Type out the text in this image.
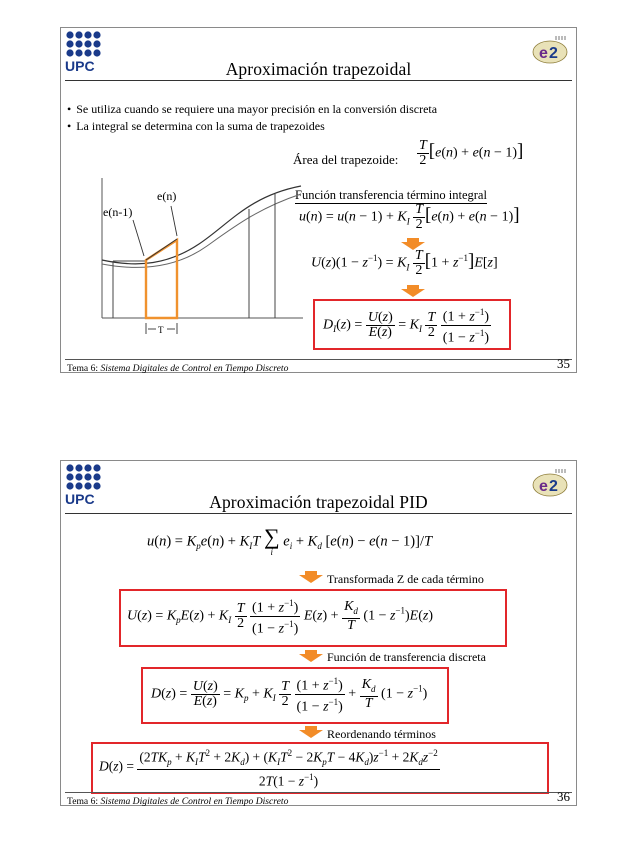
UPC
e 2
Aproximación trapezoidal
• Se utiliza cuando se requiere una mayor precisión en la conversión discreta
• La integral se determina con la suma de trapezoides
Área del trapezoide: $\frac{T}{2} [e(n) + e(n - 1)]$
Función transferencia término integral
$u(n) = u(n - 1) + K_I \frac{T}{2} [e(n) + e(n - 1)]$
$U(z)(1 - z^{-1}) = K_I \frac{T}{2} [1 + z^{-1}]E[z]$
$D_I(z) = \frac{U(z)}{E(z)} = K_I \frac{T}{2}$
$\frac{(1 + z^{-1})}{(1 - z^{-1})}$
e(n)
e(n-1)
T
Tema 6: Sistema Digitales de Control en Tiempo Discreto	35
UPC
e 2
Aproximación trapezoidal PID
$u(n) = K_pe(n) + K_IT$ ∑
i
$e_i + K_d$ [e(n) − e(n − 1)]/T
Transformada Z de cada término
$U(z) = K_pE(z) + K_I \frac{T}{2}$
$\frac{(1 + z^{-1})}{(1 - z^{-1})} E(z) + \frac{K_d}{T} (1 - z^{-1})E(z)$
Función de transferencia discreta
$D(z) = \frac{U(z)}{E(z)} = K_p + K_I \frac{T}{2}$
$\frac{(1 + z^{-1})}{(1 - z^{-1})} + \frac{K_d}{T} (1 - z^{-1})$
Reordenando términos
$D(z) = \frac{(2TK_p + K_IT^2 + 2K_d) + (K_IT^2 - 2K_pT - 4K_d)z^{-1} + 2K_dz^{-2}}{2T(1 - z^{-1})}$
Tema 6: Sistema Digitales de Control en Tiempo Discreto	36
